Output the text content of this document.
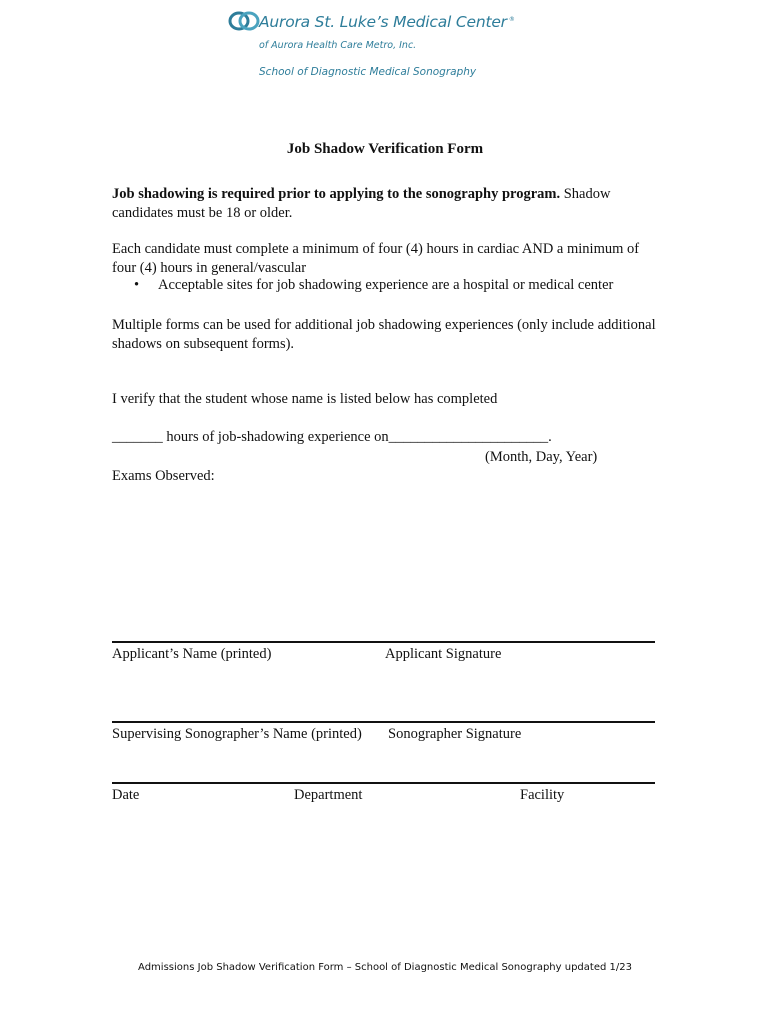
Aurora St. Luke’s Medical Center ®
of Aurora Health Care Metro, Inc.
School of Diagnostic Medical Sonography
Job Shadow Verification Form
Job shadowing is required prior to applying to the sonography program. Shadow candidates must be 18 or older.
Each candidate must complete a minimum of four (4) hours in cardiac AND a minimum of four (4) hours in general/vascular
• Acceptable sites for job shadowing experience are a hospital or medical center
Multiple forms can be used for additional job shadowing experiences (only include additional shadows on subsequent forms).
I verify that the student whose name is listed below has completed
_______ hours of job-shadowing experience on______________________.
(Month, Day, Year)
Exams Observed:
Applicant’s Name (printed)	Applicant Signature
Supervising Sonographer’s Name (printed) Sonographer Signature
Date	Department	Facility
Admissions Job Shadow Verification Form – School of Diagnostic Medical Sonography updated 1/23
